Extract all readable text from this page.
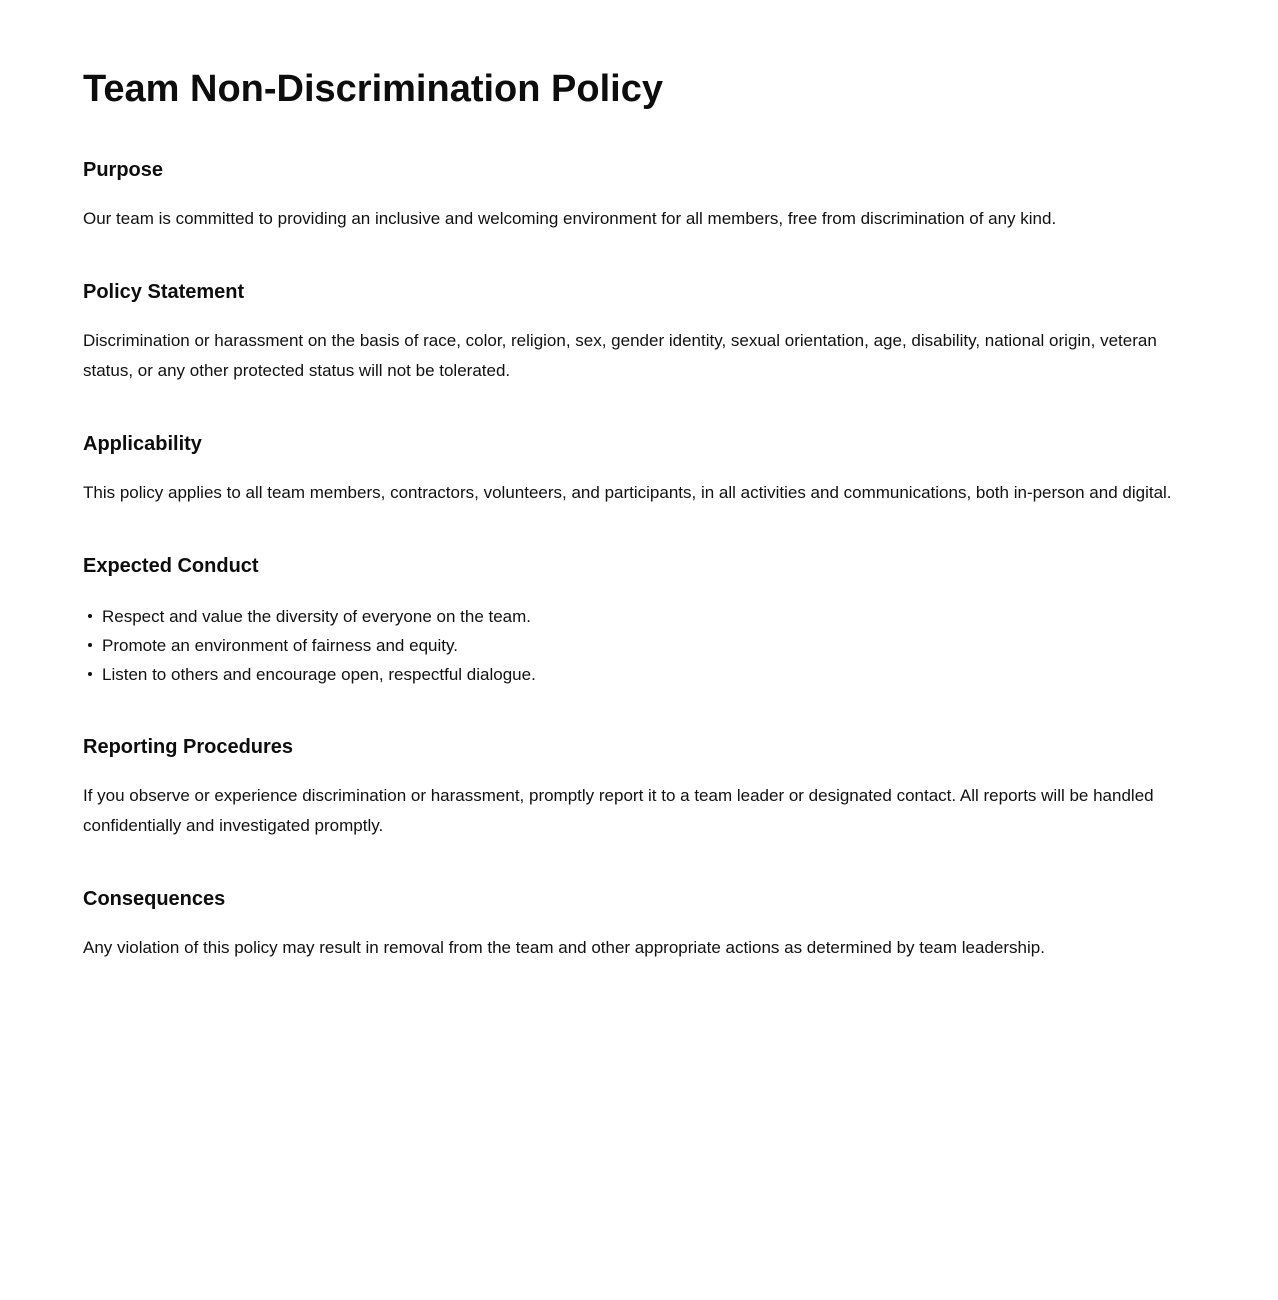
Team Non-Discrimination Policy
Purpose

Our team is committed to providing an inclusive and welcoming environment for all members, free from discrimination of any kind.

Policy Statement

Discrimination or harassment on the basis of race, color, religion, sex, gender identity, sexual orientation, age, disability, national origin, veteran status, or any other protected status will not be tolerated.

Applicability

This policy applies to all team members, contractors, volunteers, and participants, in all activities and communications, both in-person and digital.

Expected Conduct
Respect and value the diversity of everyone on the team.
Promote an environment of fairness and equity.
Listen to others and encourage open, respectful dialogue.
Reporting Procedures

If you observe or experience discrimination or harassment, promptly report it to a team leader or designated contact. All reports will be handled confidentially and investigated promptly.

Consequences

Any violation of this policy may result in removal from the team and other appropriate actions as determined by team leadership.
